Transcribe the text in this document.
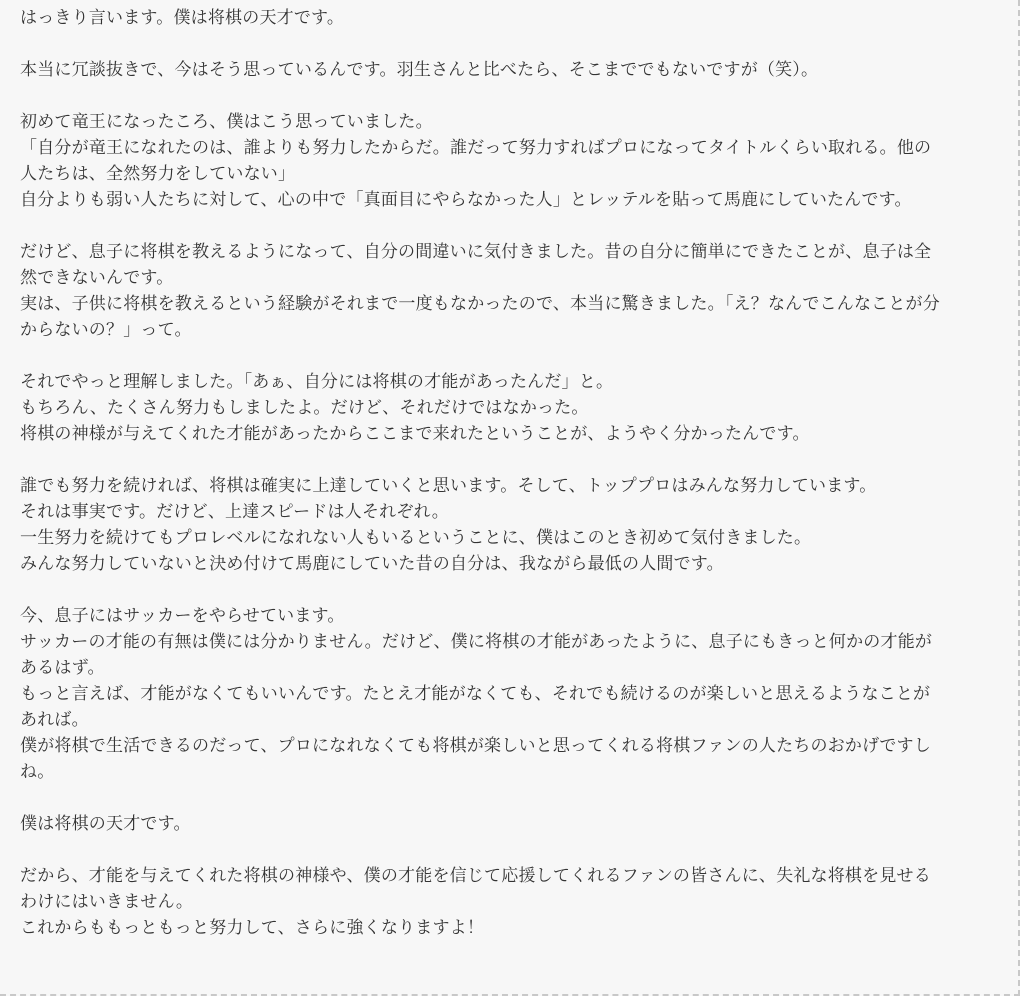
はっきり言います。僕は将棋の天才です。

本当に冗談抜きで、今はそう思っているんです。羽生さんと比べたら、そこまででもないですが（笑）。

初めて竜王になったころ、僕はこう思っていました。
「自分が竜王になれたのは、誰よりも努力したからだ。誰だって努力すればプロになってタイトルくらい取れる。他の
人たちは、全然努力をしていない」
自分よりも弱い人たちに対して、心の中で「真面目にやらなかった人」とレッテルを貼って馬鹿にしていたんです。

だけど、息子に将棋を教えるようになって、自分の間違いに気付きました。昔の自分に簡単にできたことが、息子は全
然できないんです。
実は、子供に将棋を教えるという経験がそれまで一度もなかったので、本当に驚きました。「え？なんでこんなことが分
からないの？」って。

それでやっと理解しました。「あぁ、自分には将棋の才能があったんだ」と。
もちろん、たくさん努力もしましたよ。だけど、それだけではなかった。
将棋の神様が与えてくれた才能があったからここまで来れたということが、ようやく分かったんです。

誰でも努力を続ければ、将棋は確実に上達していくと思います。そして、トッププロはみんな努力しています。
それは事実です。だけど、上達スピードは人それぞれ。
一生努力を続けてもプロレベルになれない人もいるということに、僕はこのとき初めて気付きました。
みんな努力していないと決め付けて馬鹿にしていた昔の自分は、我ながら最低の人間です。

今、息子にはサッカーをやらせています。
サッカーの才能の有無は僕には分かりません。だけど、僕に将棋の才能があったように、息子にもきっと何かの才能が
あるはず。
もっと言えば、才能がなくてもいいんです。たとえ才能がなくても、それでも続けるのが楽しいと思えるようなことが
あれば。
僕が将棋で生活できるのだって、プロになれなくても将棋が楽しいと思ってくれる将棋ファンの人たちのおかげですし
ね。

僕は将棋の天才です。

だから、才能を与えてくれた将棋の神様や、僕の才能を信じて応援してくれるファンの皆さんに、失礼な将棋を見せる
わけにはいきません。
これからももっともっと努力して、さらに強くなりますよ！
